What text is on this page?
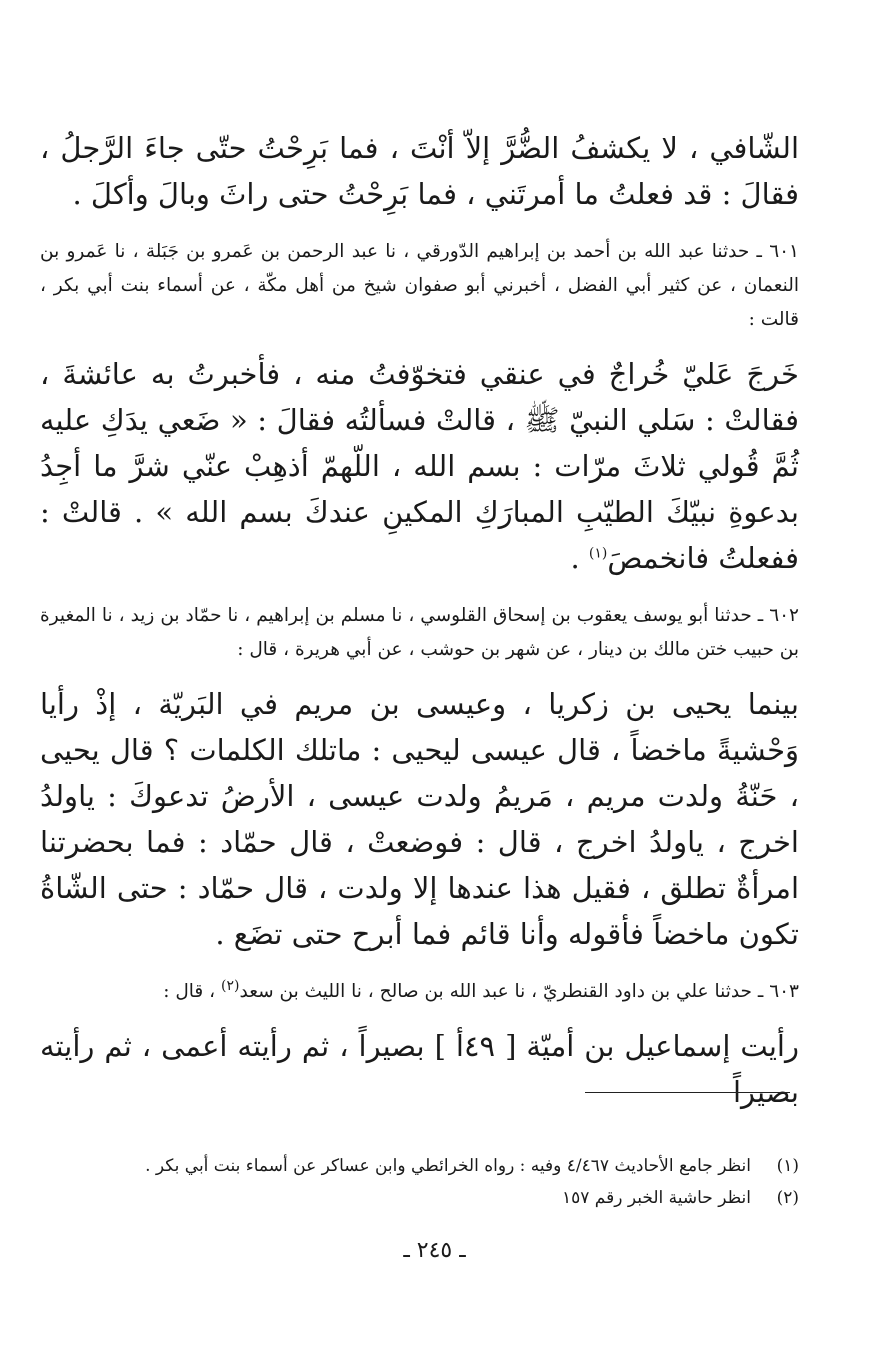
الشّافي ، لا يكشفُ الضُّرَّ إلاّ أنْتَ ، فما بَرِحْتُ حتّى جاءَ الرَّجلُ ، فقالَ : قد فعلتُ ما أمرتَني ، فما بَرِحْتُ حتى راثَ وبالَ وأكلَ .

٦٠١ ـ حدثنا عبد الله بن أحمد بن إبراهيم الدّورقي ، نا عبد الرحمن بن عَمرو بن جَبَلة ، نا عَمرو بن النعمان ، عن كثير أبي الفضل ، أخبرني أبو صفوان شيخ من أهل مكّة ، عن أسماء بنت أبي بكر ، قالت :

خَرجَ عَليّ خُراجٌ في عنقي فتخوّفتُ منه ، فأخبرتُ به عائشةَ ، فقالتْ : سَلي النبيّ ﷺ ، قالتْ فسألتُه فقالَ : « ضَعي يدَكِ عليه ثُمَّ قُولي ثلاثَ مرّات : بسم الله ، اللّهمّ أذهِبْ عنّي شرَّ ما أجِدُ بدعوةِ نبيّكَ الطيّبِ المبارَكِ المكينِ عندكَ بسم الله » . قالتْ : ففعلتُ فانخمصَ$^{(١)}$ .

٦٠٢ ـ حدثنا أبو يوسف يعقوب بن إسحاق القلوسي ، نا مسلم بن إبراهيم ، نا حمّاد بن زيد ، نا المغيرة بن حبيب ختن مالك بن دينار ، عن شهر بن حوشب ، عن أبي هريرة ، قال :

بينما يحيى بن زكريا ، وعيسى بن مريم في البَريّة ، إذْ رأيا وَحْشيةً ماخضاً ، قال عيسى ليحيى : ماتلك الكلمات ؟ قال يحيى ، حَنّةُ ولدت مريم ، مَريمُ ولدت عيسى ، الأرضُ تدعوكَ : ياولدُ اخرج ، ياولدُ اخرج ، قال : فوضعتْ ، قال حمّاد : فما بحضرتنا امرأةٌ تطلق ، فقيل هذا عندها إلا ولدت ، قال حمّاد : حتى الشّاةُ تكون ماخضاً فأقوله وأنا قائم فما أبرح حتى تضَع .

٦٠٣ ـ حدثنا علي بن داود القنطريّ ، نا عبد الله بن صالح ، نا الليث بن سعد$^{(٢)}$ ، قال :

رأيت إسماعيل بن أميّة [ ٤٩أ ] بصيراً ، ثم رأيته أعمى ، ثم رأيته بصيراً

(١)
انظر جامع الأحاديث ٤/٤٦٧ وفيه : رواه الخرائطي وابن عساكر عن أسماء بنت أبي بكر .
(٢)
انظر حاشية الخبر رقم ١٥٧
ـ ٢٤٥ ـ
